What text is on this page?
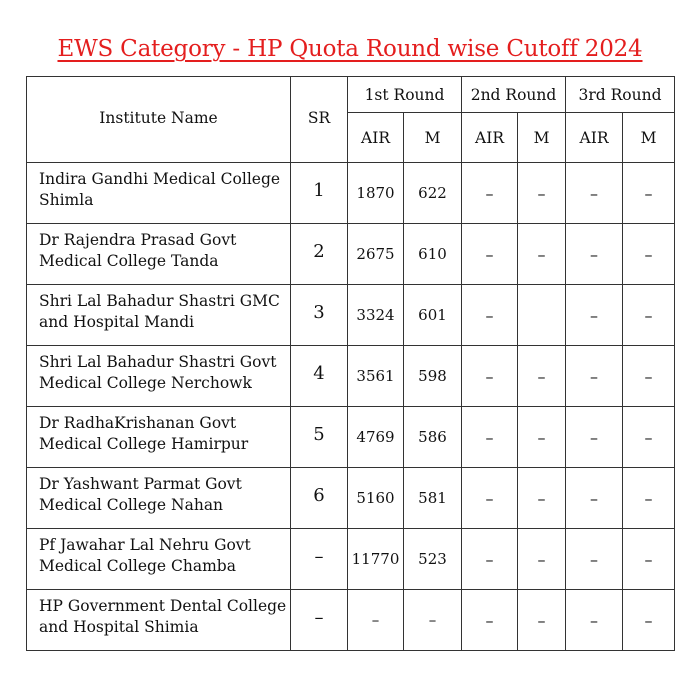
EWS Category - HP Quota Round wise Cutoff 2024
Institute Name	SR	1st Round		2nd Round		3rd Round	
		AIR	M	AIR	M	AIR	M

Indira Gandhi Medical College Shimla	1	1870	622	–	–	–	–

Dr Rajendra Prasad Govt Medical College Tanda	2	2675	610	–	–	–	–

Shri Lal Bahadur Shastri GMC and Hospital Mandi	3	3324	601	–		–	–

Shri Lal Bahadur Shastri Govt Medical College Nerchowk	4	3561	598	–	–	–	–

Dr RadhaKrishanan Govt Medical College Hamirpur	5	4769	586	–	–	–	–

Dr Yashwant Parmat Govt Medical College Nahan	6	5160	581	–	–	–	–

Pf Jawahar Lal Nehru Govt Medical College Chamba	–	11770	523	–	–	–	–

HP Government Dental College and Hospital Shimia	–	–	–	–	–	–	–
